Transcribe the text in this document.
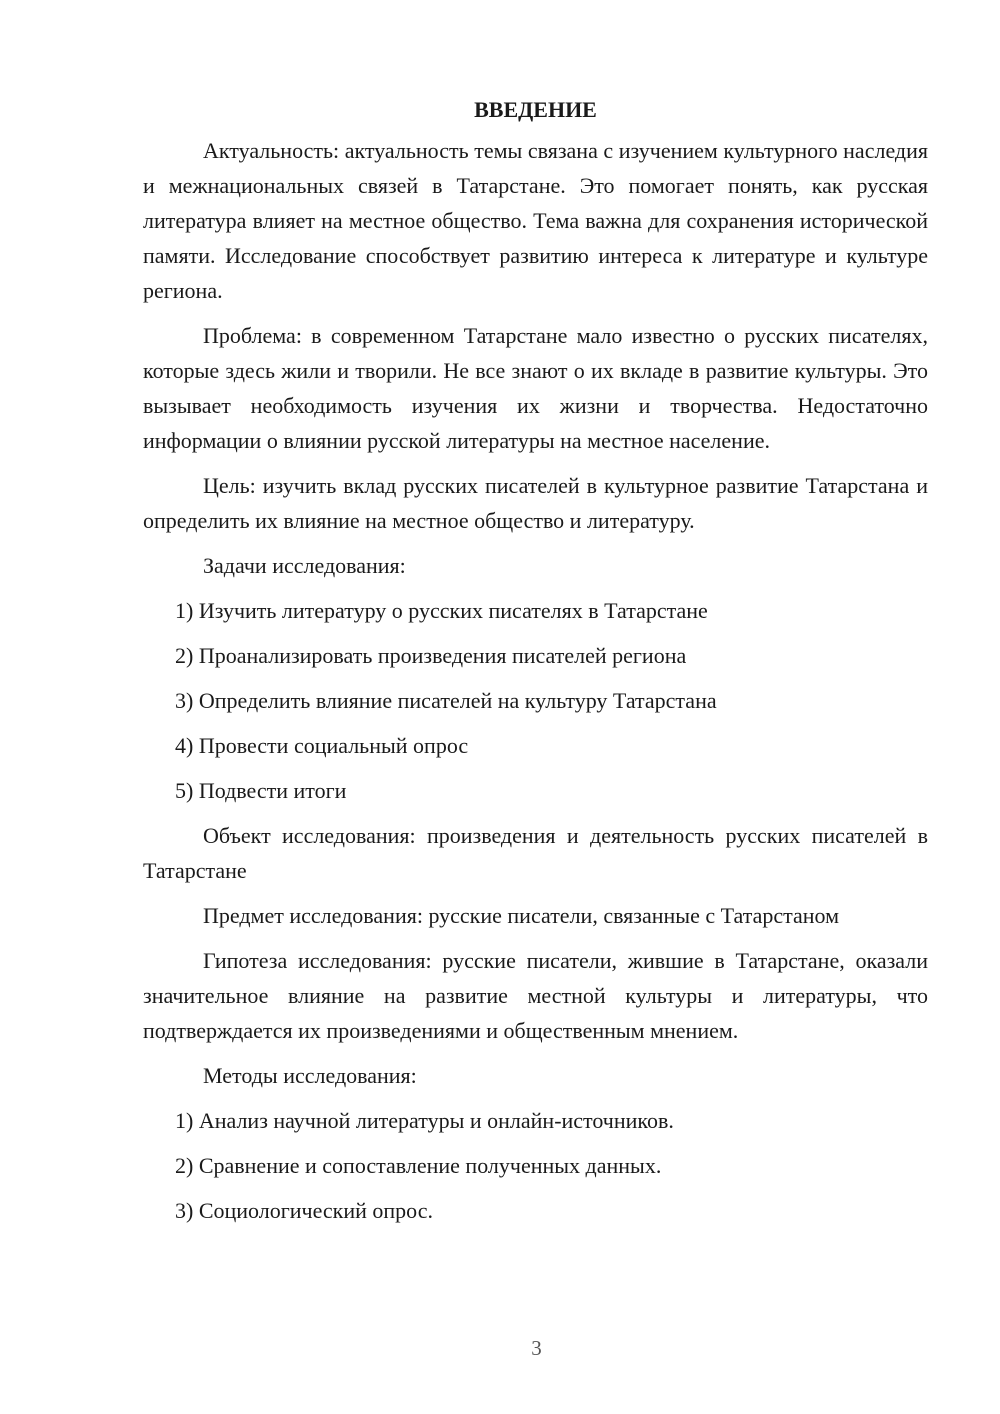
ВВЕДЕНИЕ

Актуальность: актуальность темы связана с изучением культурного наследия и межнациональных связей в Татарстане. Это помогает понять, как русская литература влияет на местное общество. Тема важна для сохранения исторической памяти. Исследование способствует развитию интереса к литературе и культуре региона.

Проблема: в современном Татарстане мало известно о русских писателях, которые здесь жили и творили. Не все знают о их вкладе в развитие культуры. Это вызывает необходимость изучения их жизни и творчества. Недостаточно информации о влиянии русской литературы на местное население.

Цель: изучить вклад русских писателей в культурное развитие Татарстана и определить их влияние на местное общество и литературу.

Задачи исследования:

1) Изучить литературу о русских писателях в Татарстане

2) Проанализировать произведения писателей региона

3) Определить влияние писателей на культуру Татарстана

4) Провести социальный опрос

5) Подвести итоги

Объект исследования: произведения и деятельность русских писателей в Татарстане

Предмет исследования: русские писатели, связанные с Татарстаном

Гипотеза исследования: русские писатели, жившие в Татарстане, оказали значительное влияние на развитие местной культуры и литературы, что подтверждается их произведениями и общественным мнением.

Методы исследования:

1) Анализ научной литературы и онлайн-источников.

2) Сравнение и сопоставление полученных данных.

3) Социологический опрос.

3
